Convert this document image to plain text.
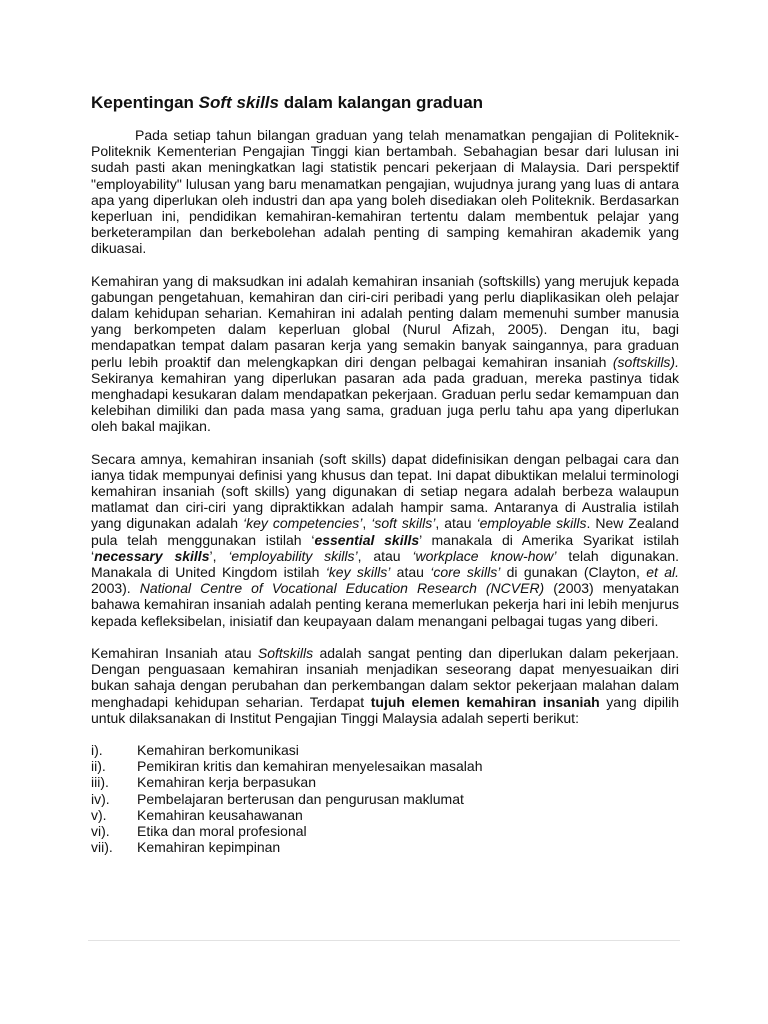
Kepentingan Soft skills dalam kalangan graduan

Pada setiap tahun bilangan graduan yang telah menamatkan pengajian di Politeknik-Politeknik Kementerian Pengajian Tinggi kian bertambah. Sebahagian besar dari lulusan ini sudah pasti akan meningkatkan lagi statistik pencari pekerjaan di Malaysia. Dari perspektif "employability" lulusan yang baru menamatkan pengajian, wujudnya jurang yang luas di antara apa yang diperlukan oleh industri dan apa yang boleh disediakan oleh Politeknik. Berdasarkan keperluan ini, pendidikan kemahiran-kemahiran tertentu dalam membentuk pelajar yang berketerampilan dan berkebolehan adalah penting di samping kemahiran akademik yang dikuasai.

Kemahiran yang di maksudkan ini adalah kemahiran insaniah (softskills) yang merujuk kepada gabungan pengetahuan, kemahiran dan ciri-ciri peribadi yang perlu diaplikasikan oleh pelajar dalam kehidupan seharian. Kemahiran ini adalah penting dalam memenuhi sumber manusia yang berkompeten dalam keperluan global (Nurul Afizah, 2005). Dengan itu, bagi mendapatkan tempat dalam pasaran kerja yang semakin banyak saingannya, para graduan perlu lebih proaktif dan melengkapkan diri dengan pelbagai kemahiran insaniah (softskills). Sekiranya kemahiran yang diperlukan pasaran ada pada graduan, mereka pastinya tidak menghadapi kesukaran dalam mendapatkan pekerjaan. Graduan perlu sedar kemampuan dan kelebihan dimiliki dan pada masa yang sama, graduan juga perlu tahu apa yang diperlukan oleh bakal majikan.

Secara amnya, kemahiran insaniah (soft skills) dapat didefinisikan dengan pelbagai cara dan ianya tidak mempunyai definisi yang khusus dan tepat. Ini dapat dibuktikan melalui terminologi kemahiran insaniah (soft skills) yang digunakan di setiap negara adalah berbeza walaupun matlamat dan ciri-ciri yang dipraktikkan adalah hampir sama. Antaranya di Australia istilah yang digunakan adalah ‘key competencies’, ‘soft skills’, atau ‘employable skills. New Zealand pula telah menggunakan istilah ‘essential skills’ manakala di Amerika Syarikat istilah ‘necessary skills’, ‘employability skills’, atau ‘workplace know-how’ telah digunakan. Manakala di United Kingdom istilah ‘key skills’ atau ‘core skills’ di gunakan (Clayton, et al. 2003). National Centre of Vocational Education Research (NCVER) (2003) menyatakan bahawa kemahiran insaniah adalah penting kerana memerlukan pekerja hari ini lebih menjurus kepada kefleksibelan, inisiatif dan keupayaan dalam menangani pelbagai tugas yang diberi.

Kemahiran Insaniah atau Softskills adalah sangat penting dan diperlukan dalam pekerjaan. Dengan penguasaan kemahiran insaniah menjadikan seseorang dapat menyesuaikan diri bukan sahaja dengan perubahan dan perkembangan dalam sektor pekerjaan malahan dalam menghadapi kehidupan seharian. Terdapat tujuh elemen kemahiran insaniah yang dipilih untuk dilaksanakan di Institut Pengajian Tinggi Malaysia adalah seperti berikut:

i).	Kemahiran berkomunikasi
ii).	Pemikiran kritis dan kemahiran menyelesaikan masalah
iii).	Kemahiran kerja berpasukan
iv).	Pembelajaran berterusan dan pengurusan maklumat
v).	Kemahiran keusahawanan
vi).	Etika dan moral profesional
vii).	Kemahiran kepimpinan
